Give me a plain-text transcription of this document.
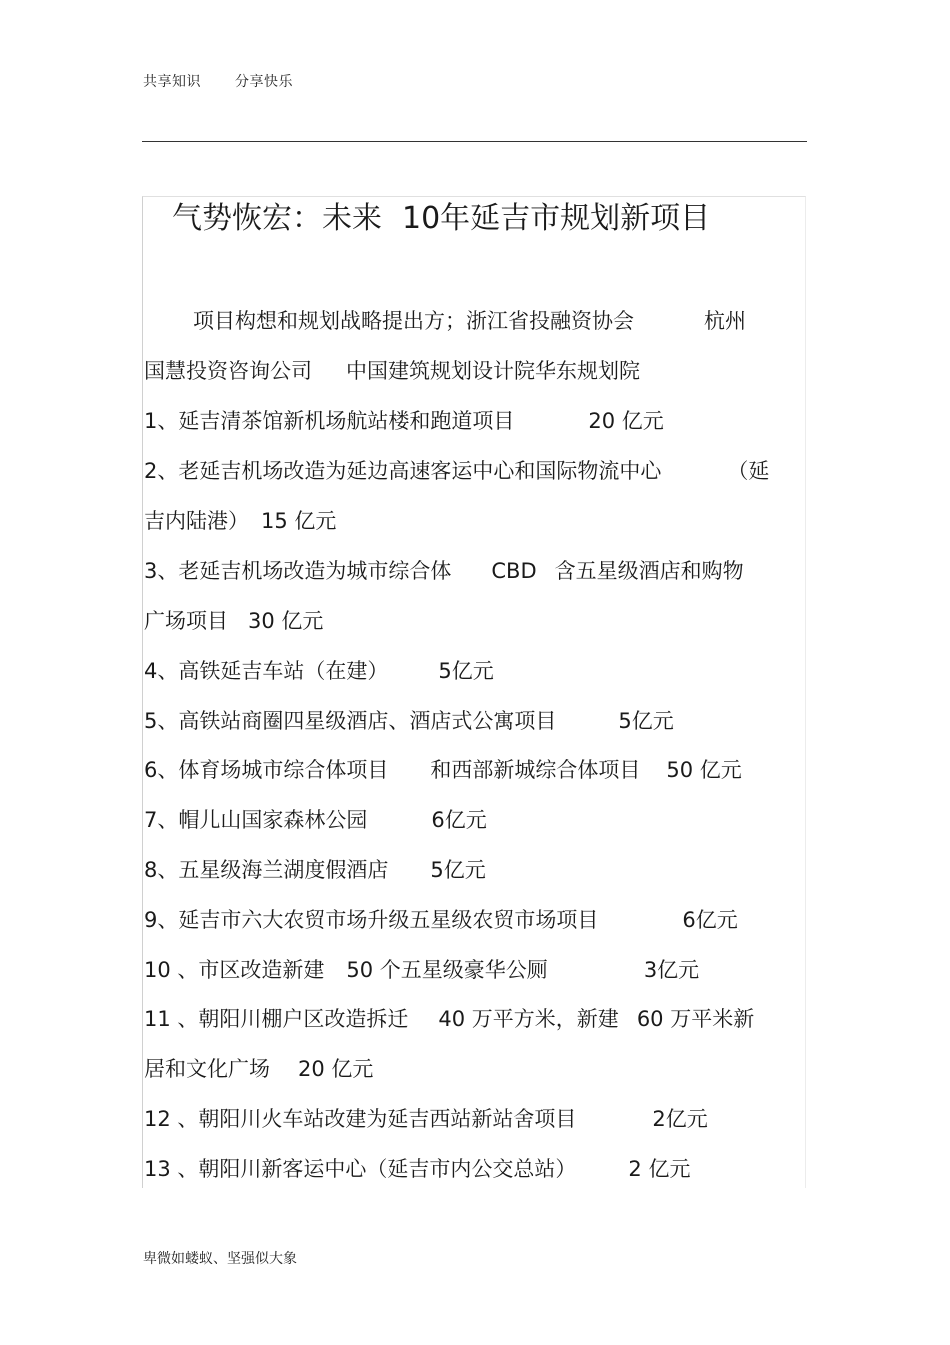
共享知识 分享快乐
气势恢宏：未来 10年延吉市规划新项目
项目构想和规划战略提出方；浙江省投融资协会	杭州
国慧投资咨询公司 中国建筑规划设计院华东规划院
1、延吉清茶馆新机场航站楼和跑道项目	20 亿元
2、老延吉机场改造为延边高速客运中心和国际物流中心	（延
吉内陆港） 15 亿元
3、老延吉机场改造为城市综合体 CBD 含五星级酒店和购物
广场项目 30 亿元
4、高铁延吉车站（在建） 5亿元
5、高铁站商圈四星级酒店、酒店式公寓项目	5亿元
6、体育场城市综合体项目 和西部新城综合体项目 50 亿元
7、帽儿山国家森林公园	6亿元
8、五星级海兰湖度假酒店 5亿元
9、延吉市六大农贸市场升级五星级农贸市场项目	6亿元
10 、市区改造新建 50 个五星级豪华公厕	3亿元
11 、朝阳川棚户区改造拆迁 40 万平方米，新建 60 万平米新
居和文化广场 20 亿元
12 、朝阳川火车站改建为延吉西站新站舍项目	2亿元
13 、朝阳川新客运中心（延吉市内公交总站） 2 亿元
卑微如蝼蚁、坚强似大象
